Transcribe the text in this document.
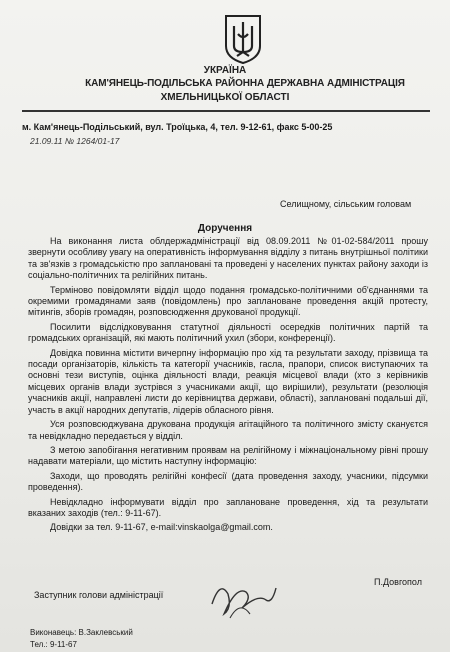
УКРАЇНА
КАМ'ЯНЕЦЬ-ПОДІЛЬСЬКА РАЙОННА ДЕРЖАВНА АДМІНІСТРАЦІЯ
ХМЕЛЬНИЦЬКОЇ ОБЛАСТІ
м. Кам'янець-Подільський, вул. Троїцька, 4, тел. 9-12-61, факс 5-00-25
21.09.11 № 1264/01-17
Селищному, сільським головам
Доручення

На виконання листа облдержадміністрації від 08.09.2011 №01-02-584/2011 прошу звернути особливу увагу на оперативність інформування відділу з питань внутрішньої політики та зв'язків з громадськістю про заплановані та проведені у населених пунктах району заходи із соціально-політичних та релігійних питань.

Терміново повідомляти відділ щодо подання громадсько-політичними об'єднаннями та окремими громадянами заяв (повідомлень) про заплановане проведення акцій протесту, мітингів, зборів громадян, розповсюдження друкованої продукції.

Посилити відслідковування статутної діяльності осередків політичних партій та громадських організацій, які мають політичний ухил (збори, конференції).

Довідка повинна містити вичерпну інформацію про хід та результати заходу, прізвища та посади організаторів, кількість та категорії учасників, гасла, прапори, список виступаючих та основні тези виступів, оцінка діяльності влади, реакція місцевої влади (хто з керівників місцевих органів влади зустрівся з учасниками акції, що вирішили), результати (резолюція учасників акції, направлені листи до керівництва держави, області), заплановані подальші дії, участь в акції народних депутатів, лідерів обласного рівня.

Уся розповсюджувана друкована продукція агітаційного та політичного змісту скануєтся та невідкладно передається у відділ.

З метою запобігання негативним проявам на релігійному і міжнаціональному рівні прошу надавати матеріали, що містить наступну інформацію:

Заходи, що проводять релігійні конфесії (дата проведення заходу, учасники, підсумки проведення).

Невідкладно інформувати відділ про заплановане проведення, хід та результати вказаних заходів (тел.: 9-11-67).

Довідки за тел. 9-11-67, e-mail:vinskaolga@gmail.com.

П.Довгопол
Заступник голови адміністрації
Виконавець: В.Заклевський
Тел.: 9-11-67
